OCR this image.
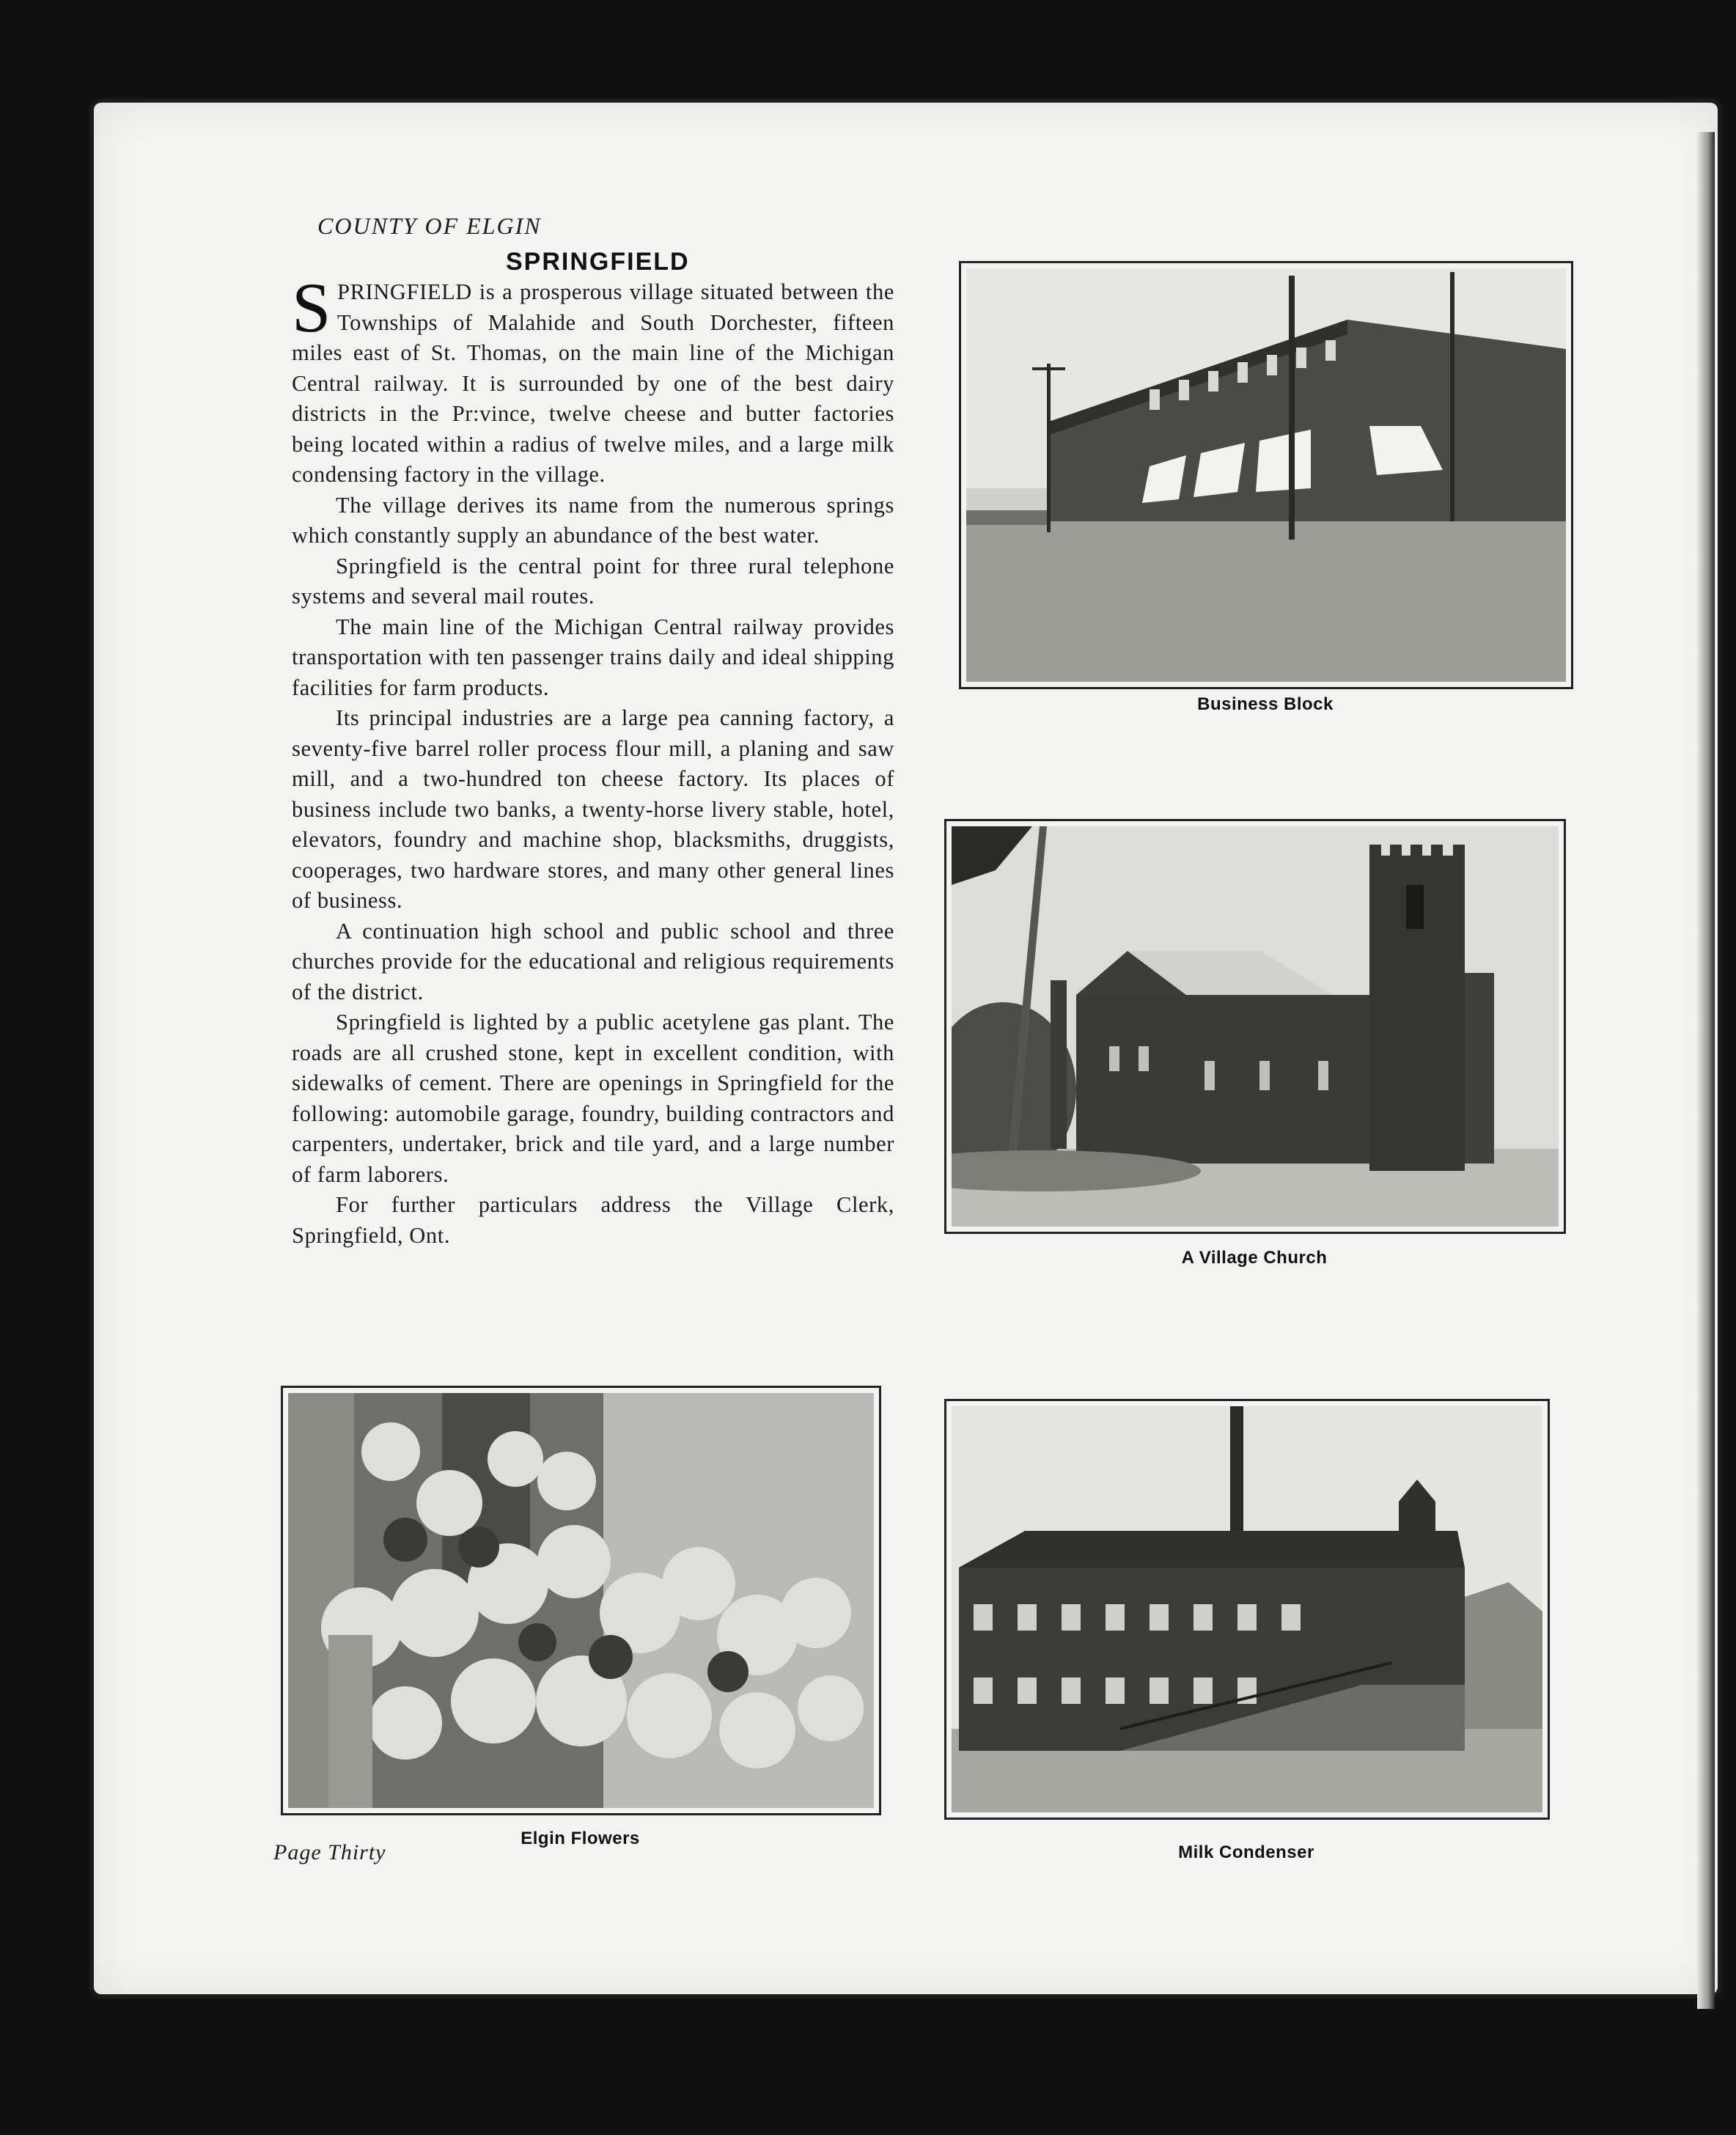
COUNTY OF ELGIN
SPRINGFIELD

SPRINGFIELD is a prosperous village situated between the Townships of Malahide and South Dorchester, fifteen miles east of St. Thomas, on the main line of the Michigan Central railway. It is surrounded by one of the best dairy districts in the Pr:vince, twelve cheese and butter factories being located within a radius of twelve miles, and a large milk condensing factory in the village.

The village derives its name from the numerous springs which constantly supply an abundance of the best water.

Springfield is the central point for three rural telephone systems and several mail routes.

The main line of the Michigan Central railway provides transportation with ten passenger trains daily and ideal shipping facilities for farm products.

Its principal industries are a large pea canning factory, a seventy-five barrel roller process flour mill, a planing and saw mill, and a two-hundred ton cheese factory. Its places of business include two banks, a twenty-horse livery stable, hotel, elevators, foundry and machine shop, blacksmiths, druggists, cooperages, two hardware stores, and many other general lines of business.

A continuation high school and public school and three churches provide for the educational and religious requirements of the district.

Springfield is lighted by a public acetylene gas plant. The roads are all crushed stone, kept in excellent condition, with sidewalks of cement. There are openings in Springfield for the following: automobile garage, foundry, building contractors and carpenters, undertaker, brick and tile yard, and a large number of farm laborers.

For further particulars address the Village Clerk, Springfield, Ont.

Business Block
A Village Church
Elgin Flowers
Milk Condenser
Page Thirty
